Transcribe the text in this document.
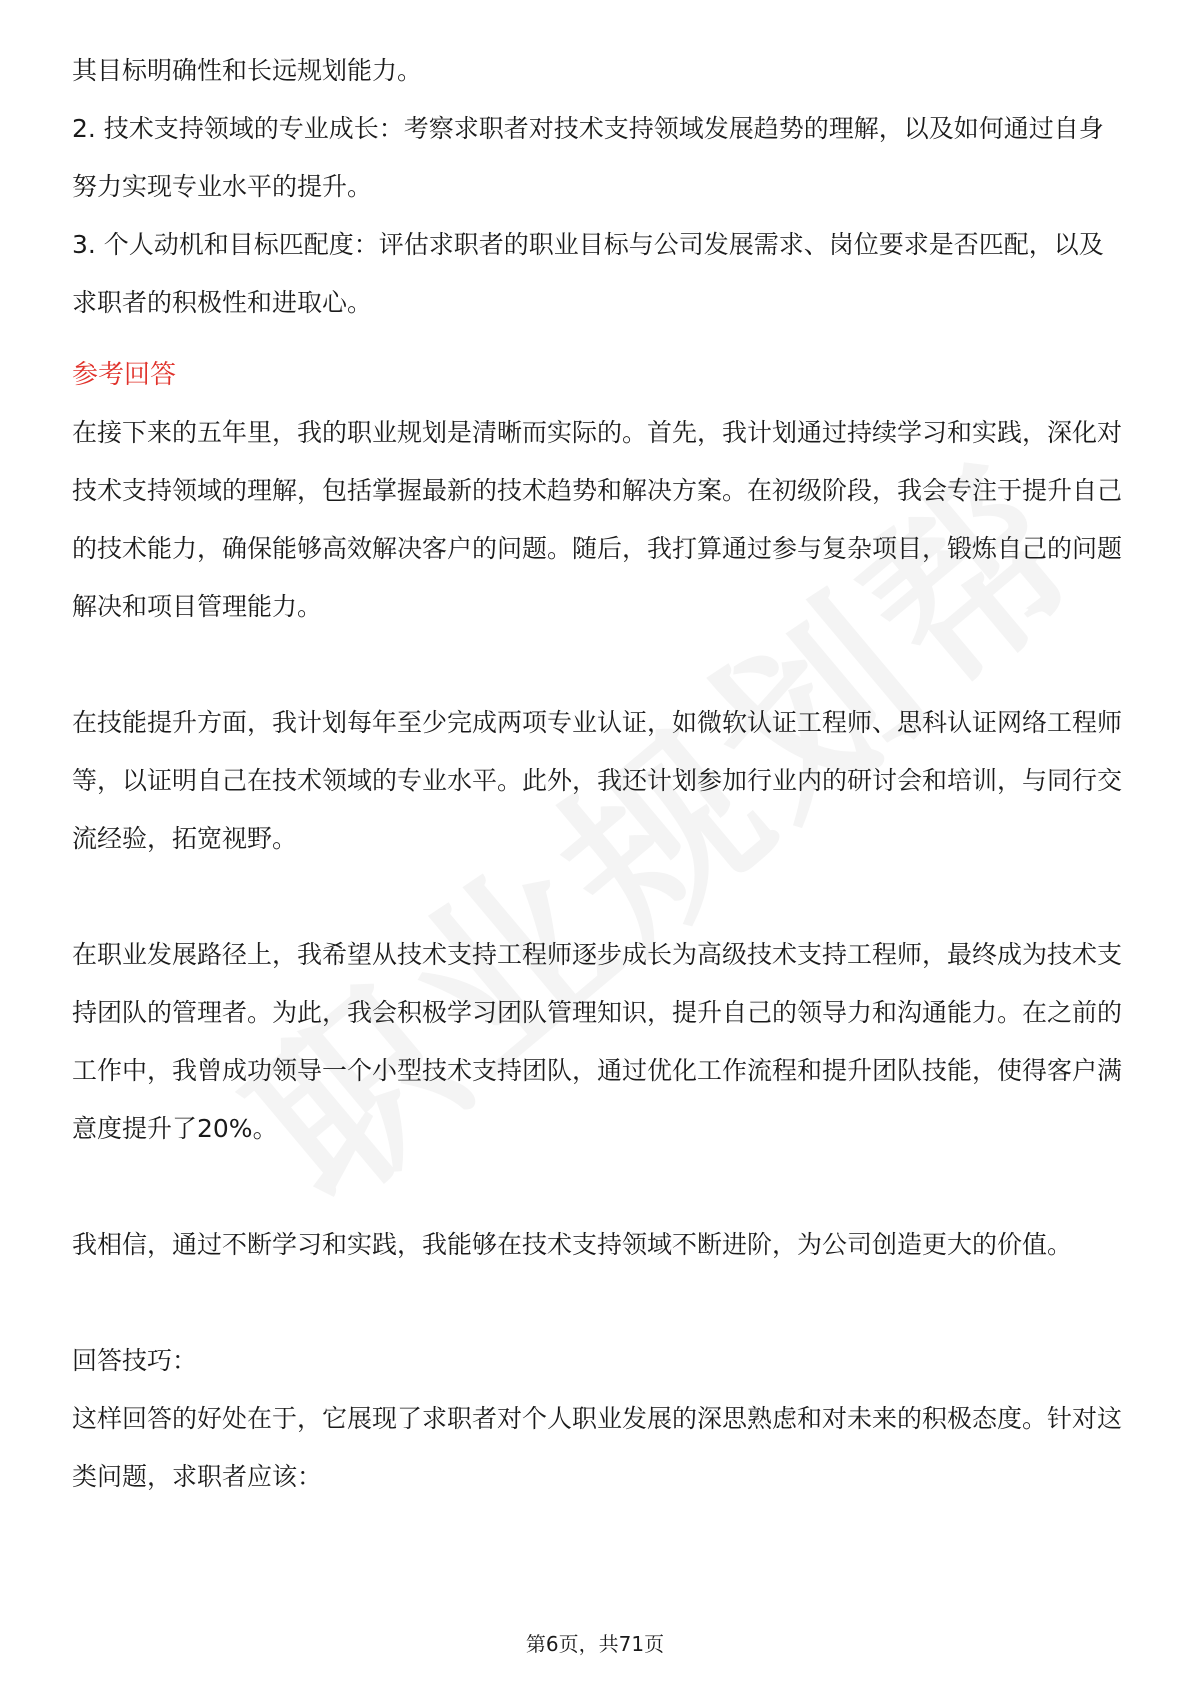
其目标明确性和长远规划能力。

2. 技术支持领域的专业成长：考察求职者对技术支持领域发展趋势的理解，以及如何通过自身努力实现专业水平的提升。

3. 个人动机和目标匹配度：评估求职者的职业目标与公司发展需求、岗位要求是否匹配，以及求职者的积极性和进取心。

参考回答

在接下来的五年里，我的职业规划是清晰而实际的。首先，我计划通过持续学习和实践，深化对技术支持领域的理解，包括掌握最新的技术趋势和解决方案。在初级阶段，我会专注于提升自己的技术能力，确保能够高效解决客户的问题。随后，我打算通过参与复杂项目，锻炼自己的问题解决和项目管理能力。

在技能提升方面，我计划每年至少完成两项专业认证，如微软认证工程师、思科认证网络工程师等，以证明自己在技术领域的专业水平。此外，我还计划参加行业内的研讨会和培训，与同行交流经验，拓宽视野。

在职业发展路径上，我希望从技术支持工程师逐步成长为高级技术支持工程师，最终成为技术支持团队的管理者。为此，我会积极学习团队管理知识，提升自己的领导力和沟通能力。在之前的工作中，我曾成功领导一个小型技术支持团队，通过优化工作流程和提升团队技能，使得客户满意度提升了20%。

我相信，通过不断学习和实践，我能够在技术支持领域不断进阶，为公司创造更大的价值。

回答技巧：

这样回答的好处在于，它展现了求职者对个人职业发展的深思熟虑和对未来的积极态度。针对这类问题，求职者应该：

第6页，共71页
